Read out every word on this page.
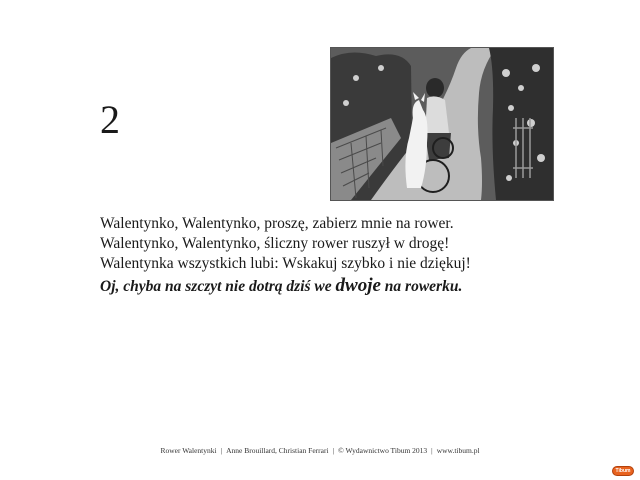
2
Walentynko, Walentynko, proszę, zabierz mnie na rower.
Walentynko, Walentynko, śliczny rower ruszył w drogę!
Walentynka wszystkich lubi: Wskakuj szybko i nie dziękuj!
Oj, chyba na szczyt nie dotrą dziś we dwoje na rowerku.
Rower Walentynki | Anne Brouillard, Christian Ferrari | © Wydawnictwo Tibum 2013 | www.tibum.pl
Tibum
